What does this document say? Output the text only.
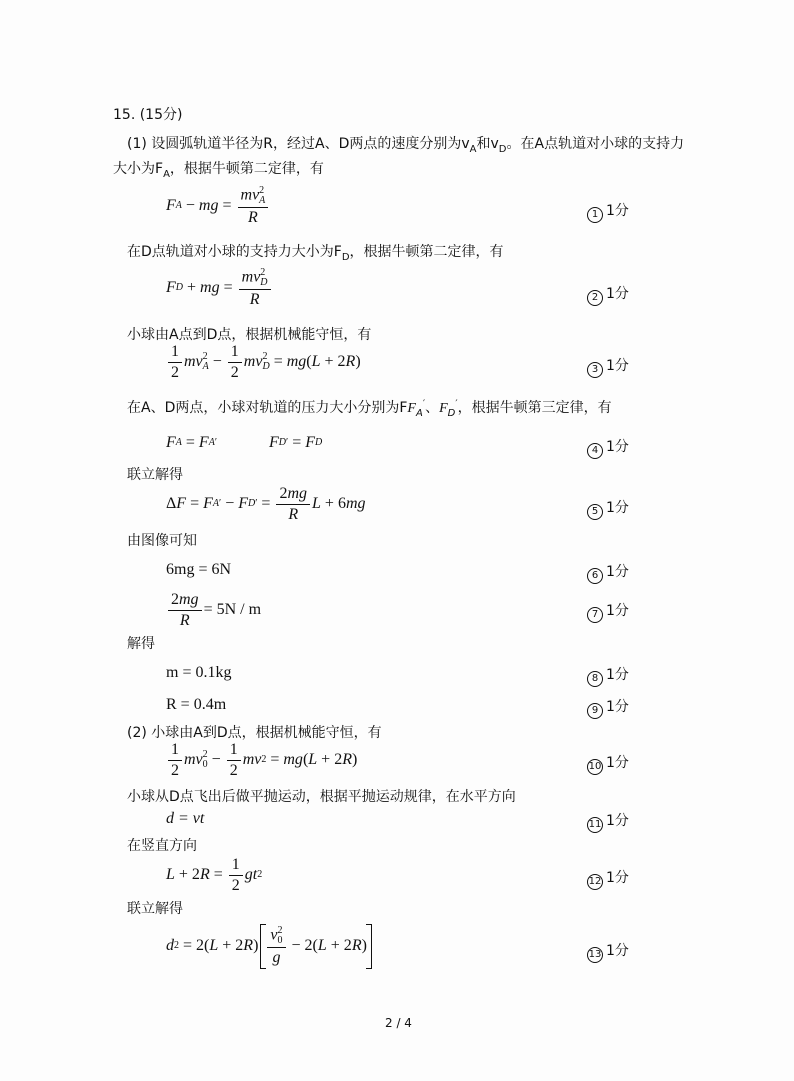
15. (15分)
(1) 设圆弧轨道半径为R，经过A、D两点的速度分别为$v_A$和$v_D$。在A点轨道对小球的支持力
大小为$F_A$，根据牛顿第二定律，有
F A − mg = mv 2
A
R	1 1分
在D点轨道对小球的支持力大小为$F_D$，根据牛顿第二定律，有
F D + mg = mv 2
D
R	2 1分
小球由A点到D点，根据机械能守恒，有
$\frac{1}{2}$ mv 2
$A - \frac{1}{2}$ mv 2
D = mg ( L + 2 R )	3 1分
在A、D两点，小球对轨道的压力大小分别为$FF_A'$、$F_D'$，根据牛顿第三定律，有
F A = F A ′	F D ′ = F D
4 1分
联立解得
Δ F = F A ′ − F D ′ = $\frac{2mg}{R}$ L + 6 mg	5 1分
由图像可知
6mg = 6N	6 1分
$\frac{2mg}{R} = 5N / m$	7 1分
解得
m = 0.1kg	8 1分
R = 0.4m	9 1分
(2) 小球由A到D点，根据机械能守恒，有
$\frac{1}{2}$ mv 2
$0 - \frac{1}{2}$ mv 2 = mg ( L + 2 R )	10 1分
小球从D点飞出后做平抛运动，根据平抛运动规律，在水平方向
d = vt	11 1分
在竖直方向
L + 2 $R = \frac{1}{2}$ gt 2
12 1分
联立解得
d 2 = 2( L + 2 R ) v 2
0
g − 2( L + 2 R )
13 1分
2 / 4
